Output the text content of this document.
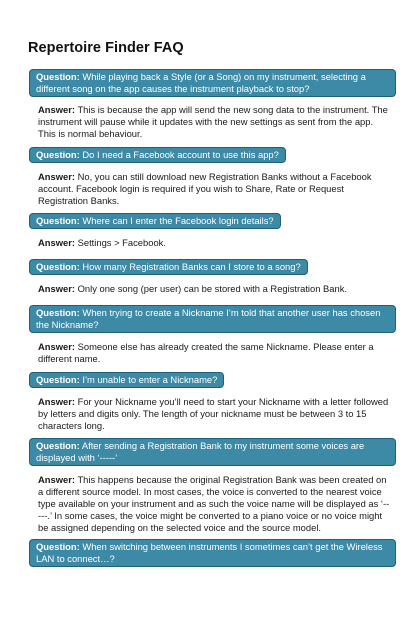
Repertoire Finder FAQ
Question: While playing back a Style (or a Song) on my instrument, selecting a different song on the app causes the instrument playback to stop?
Answer: This is because the app will send the new song data to the instrument. The instrument will pause while it updates with the new settings as sent from the app. This is normal behaviour.
Question: Do I need a Facebook account to use this app?
Answer: No, you can still download new Registration Banks without a Facebook account. Facebook login is required if you wish to Share, Rate or Request Registration Banks.
Question: Where can I enter the Facebook login details?
Answer: Settings > Facebook.
Question: How many Registration Banks can I store to a song?
Answer: Only one song (per user) can be stored with a Registration Bank.
Question: When trying to create a Nickname I’m told that another user has chosen the Nickname?
Answer: Someone else has already created the same Nickname. Please enter a different name.
Question: I’m unable to enter a Nickname?
Answer: For your Nickname you’ll need to start your Nickname with a letter followed by letters and digits only. The length of your nickname must be between 3 to 15 characters long.
Question: After sending a Registration Bank to my instrument some voices are displayed with ‘-----’
Answer: This happens because the original Registration Bank was been created on a different source model. In most cases, the voice is converted to the nearest voice type available on your instrument and as such the voice name will be displayed as ‘-----.’ In some cases, the voice might be converted to a piano voice or no voice might be assigned depending on the selected voice and the source model.
Question: When switching between instruments I sometimes can’t get the Wireless LAN to connect…?
